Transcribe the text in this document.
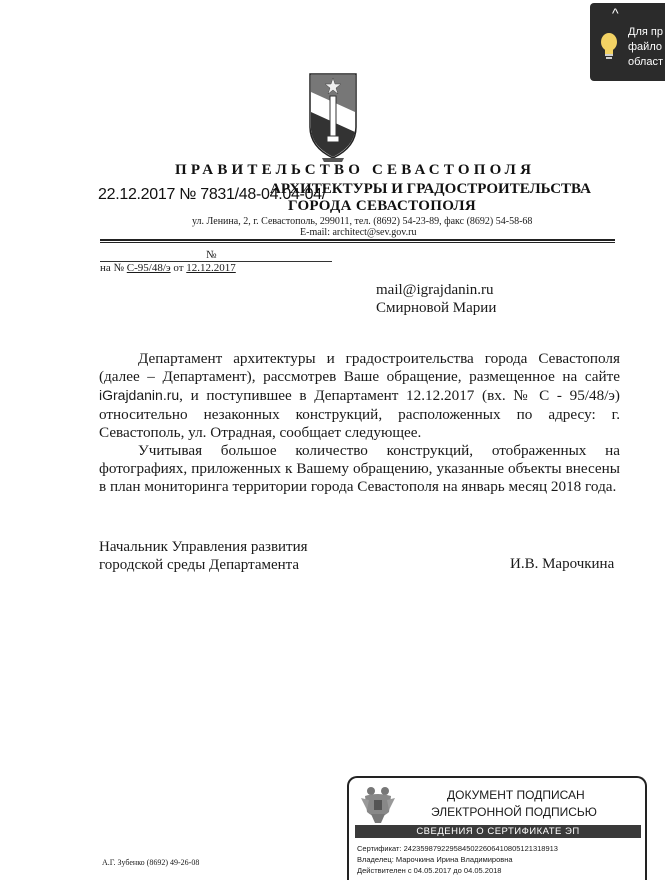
^
Для пр
файло
област
ПРАВИТЕЛЬСТВО СЕВАСТОПОЛЯ
АРХИТЕКТУРЫ И ГРАДОСТРОИТЕЛЬСТВА
ГОРОДА СЕВАСТОПОЛЯ
22.12.2017 № 7831/48-04.04-04/
ул. Ленина, 2, г. Севастополь, 299011, тел. (8692) 54-23-89, факс (8692) 54-58-68
E-mail: architect@sev.gov.ru
№
на № С-95/48/э от 12.12.2017
mail@igrajdanin.ru
Смирновой Марии

Департамент архитектуры и градостроительства города Севастополя (далее – Департамент), рассмотрев Ваше обращение, размещенное на сайте iGrajdanin.ru, и поступившее в Департамент 12.12.2017 (вх. № С - 95/48/э) относительно незаконных конструкций, расположенных по адресу: г. Севастополь, ул. Отрадная, сообщает следующее.

Учитывая большое количество конструкций, отображенных на фотографиях, приложенных к Вашему обращению, указанные объекты внесены в план мониторинга территории города Севастополя на январь месяц 2018 года.

Начальник Управления развития
городской среды Департамента	И.В. Марочкина
А.Г. Зубенко (8692) 49-26-08
ДОКУМЕНТ ПОДПИСАН
ЭЛЕКТРОННОЙ ПОДПИСЬЮ
СВЕДЕНИЯ О СЕРТИФИКАТЕ ЭП
Сертификат: 24235987922958450226064108051213189​13
Владелец: Марочкина Ирина Владимировна
Действителен с 04.05.2017 до 04.05.2018
